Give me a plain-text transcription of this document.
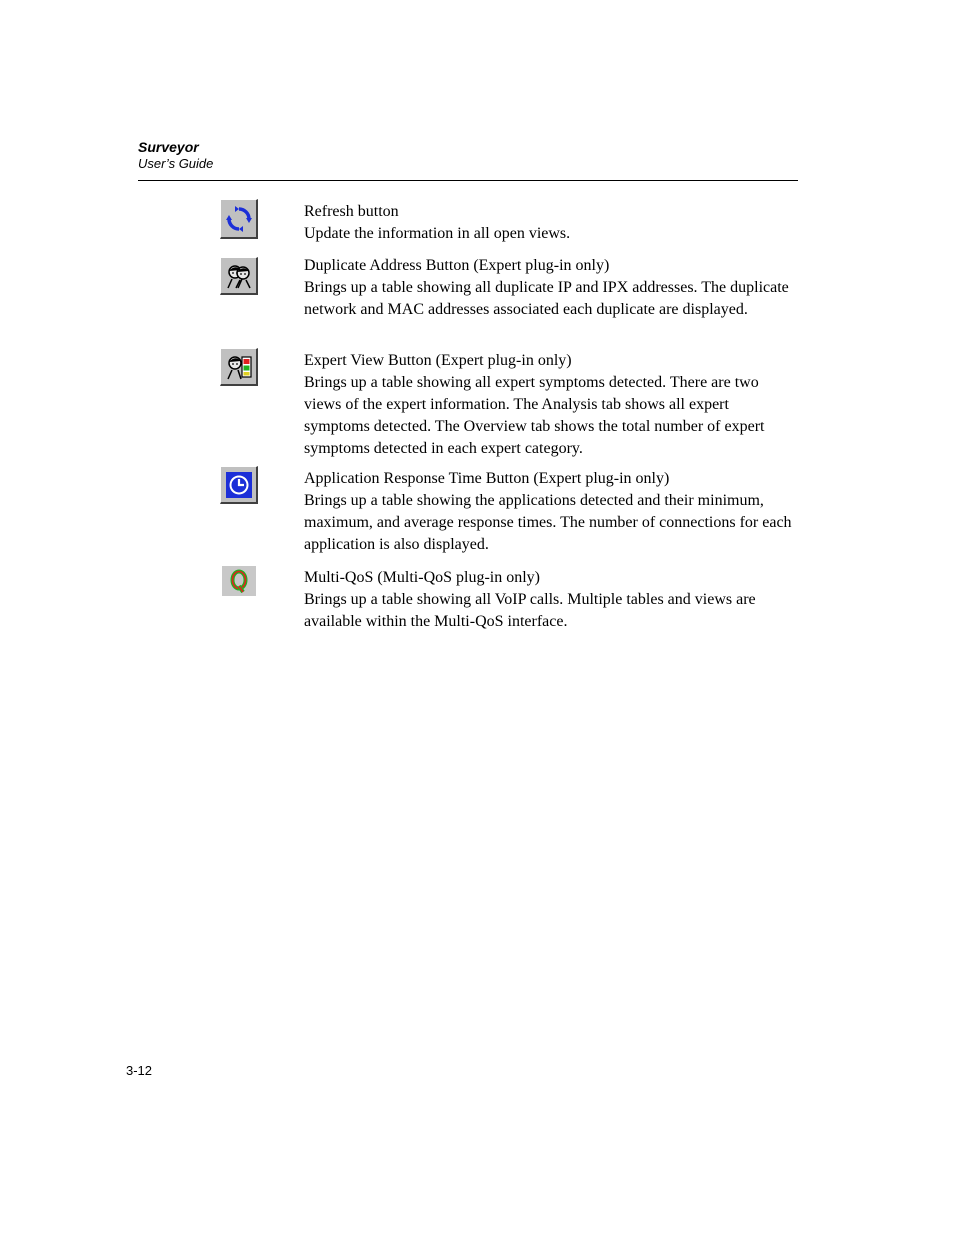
Surveyor
User’s Guide

Refresh button

Update the information in all open views.

Duplicate Address Button (Expert plug-in only)

Brings up a table showing all duplicate IP and IPX addresses. The duplicate network and MAC addresses associated each duplicate are displayed.

Expert View Button (Expert plug-in only)

Brings up a table showing all expert symptoms detected. There are two views of the expert information. The Analysis tab shows all expert symptoms detected. The Overview tab shows the total number of expert symptoms detected in each expert category.

Application Response Time Button (Expert plug-in only)

Brings up a table showing the applications detected and their minimum, maximum, and average response times. The number of connections for each application is also displayed.

Multi-QoS (Multi-QoS plug-in only)

Brings up a table showing all VoIP calls. Multiple tables and views are available within the Multi-QoS interface.

3-12
